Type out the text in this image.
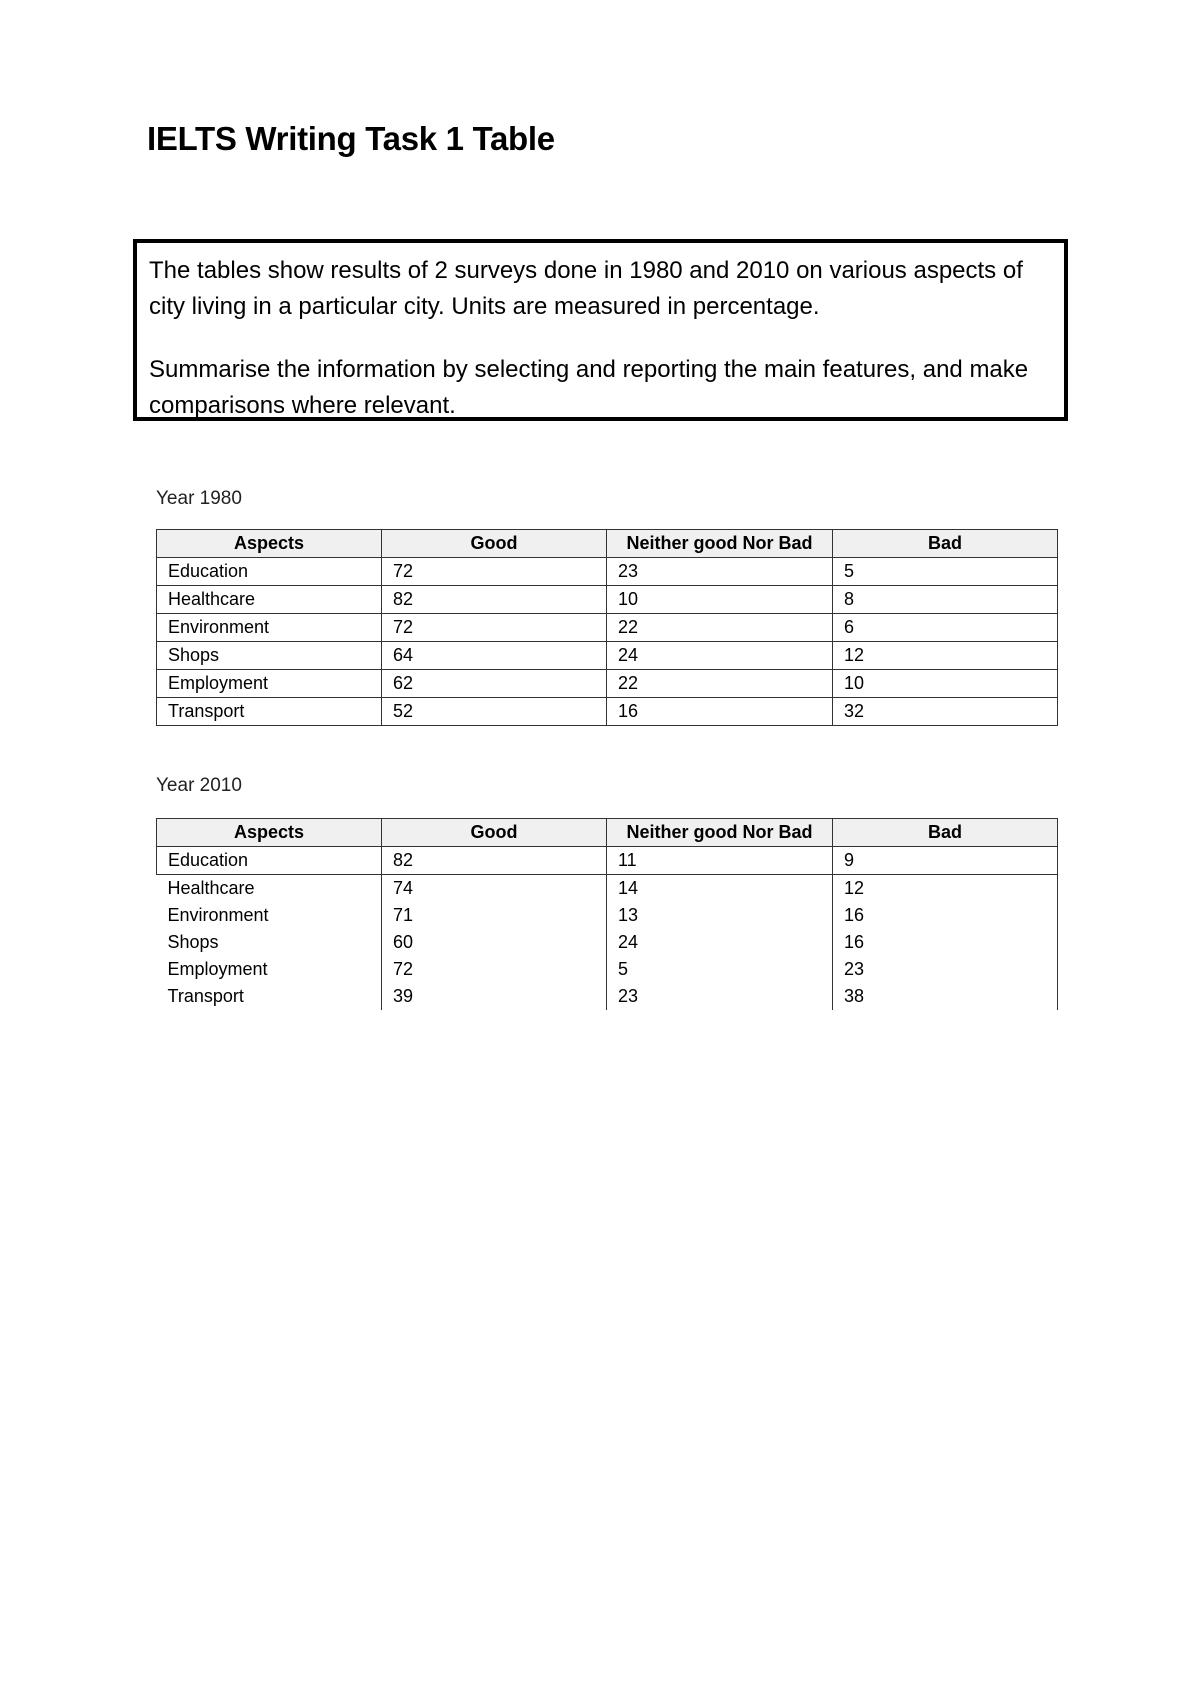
IELTS Writing Task 1 Table

The tables show results of 2 surveys done in 1980 and 2010 on various aspects of city living in a particular city. Units are measured in percentage.

Summarise the information by selecting and reporting the main features, and make comparisons where relevant.

Year 1980
Aspects	Good	Neither good Nor Bad	Bad
Education	72	23	5
Healthcare	82	10	8
Environment	72	22	6
Shops	64	24	12
Employment	62	22	10
Transport	52	16	32
Year 2010
Aspects	Good	Neither good Nor Bad	Bad
Education	82	11	9
Healthcare	74	14	12
Environment	71	13	16
Shops	60	24	16
Employment	72	5	23
Transport	39	23	38
